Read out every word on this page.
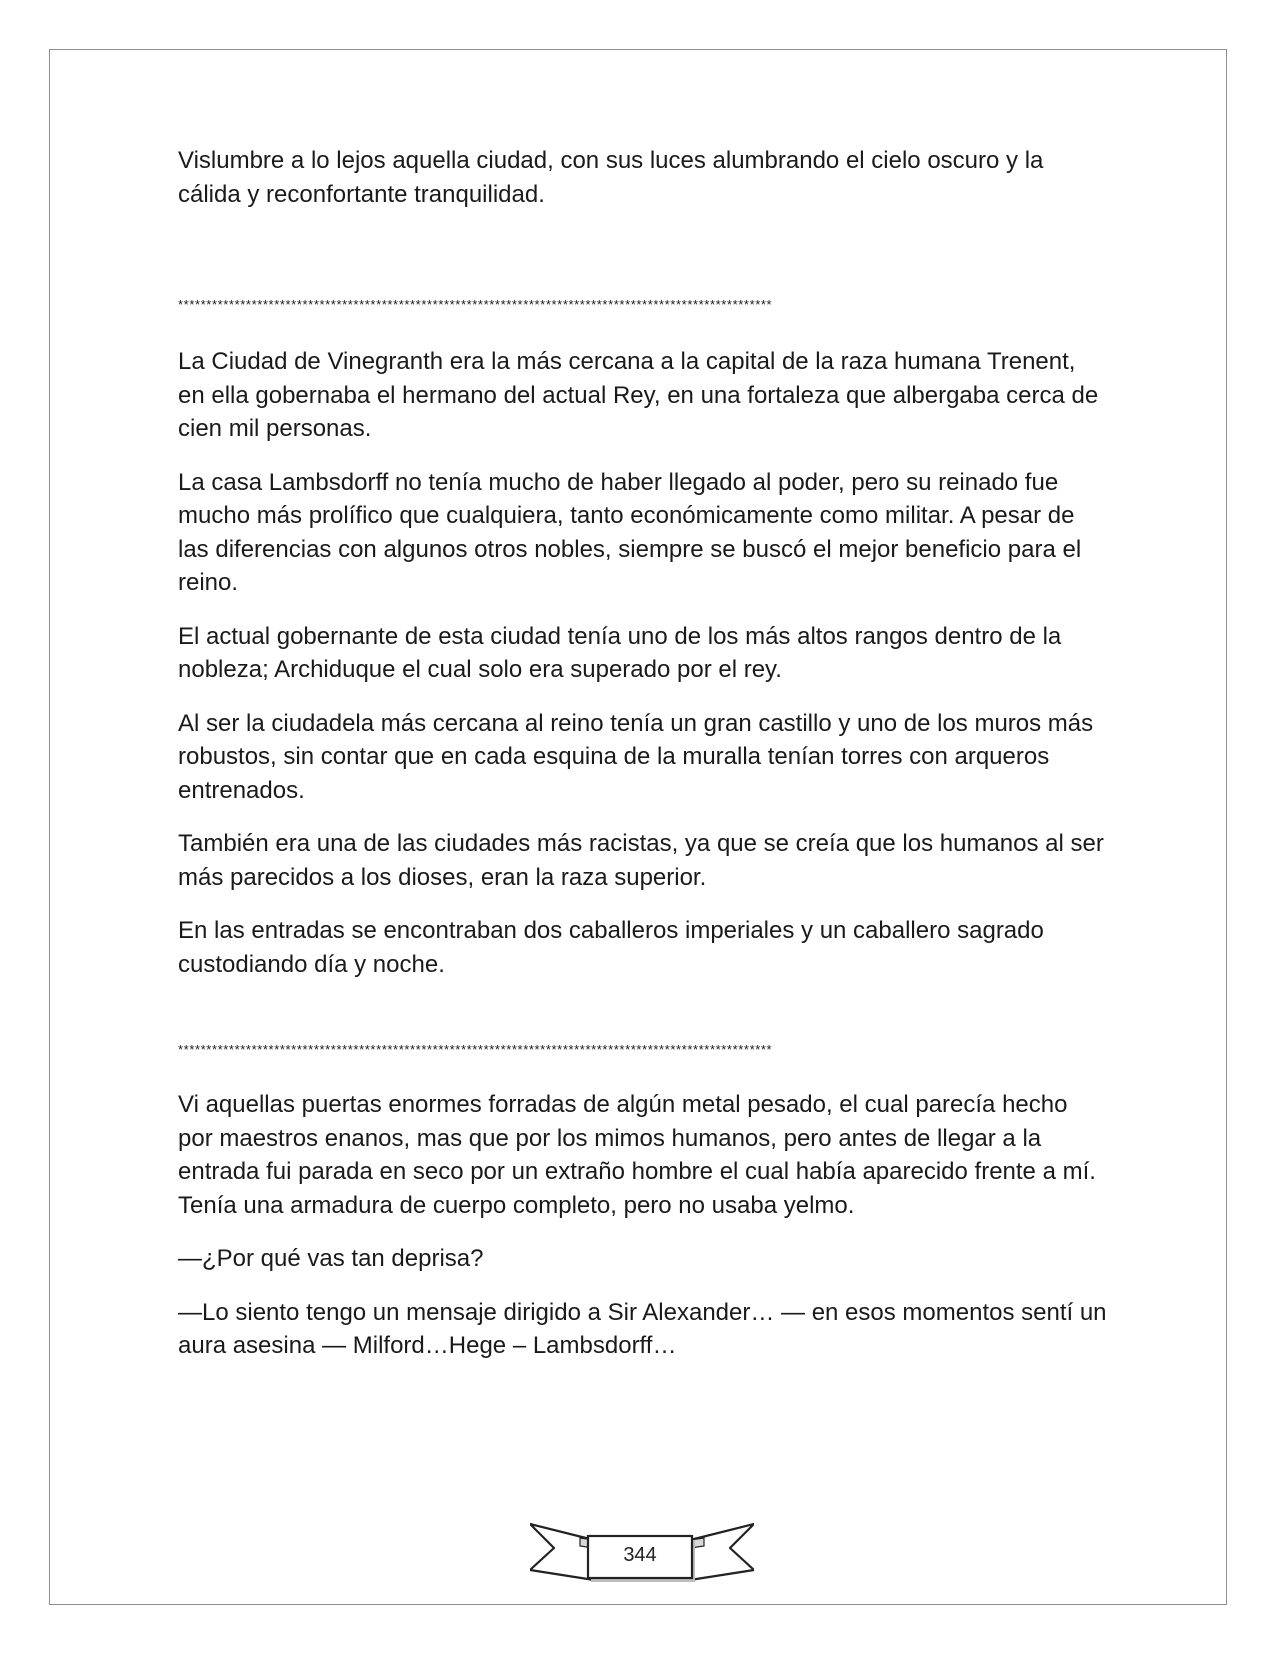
Vislumbre a lo lejos aquella ciudad, con sus luces alumbrando el cielo oscuro y la cálida y reconfortante tranquilidad.

*********************************************************************************************************

La Ciudad de Vinegranth era la más cercana a la capital de la raza humana Trenent, en ella gobernaba el hermano del actual Rey, en una fortaleza que albergaba cerca de cien mil personas.

La casa Lambsdorff no tenía mucho de haber llegado al poder, pero su reinado fue mucho más prolífico que cualquiera, tanto económicamente como militar. A pesar de las diferencias con algunos otros nobles, siempre se buscó el mejor beneficio para el reino.

El actual gobernante de esta ciudad tenía uno de los más altos rangos dentro de la nobleza; Archiduque el cual solo era superado por el rey.

Al ser la ciudadela más cercana al reino tenía un gran castillo y uno de los muros más robustos, sin contar que en cada esquina de la muralla tenían torres con arqueros entrenados.

También era una de las ciudades más racistas, ya que se creía que los humanos al ser más parecidos a los dioses, eran la raza superior.

En las entradas se encontraban dos caballeros imperiales y un caballero sagrado custodiando día y noche.

*********************************************************************************************************

Vi aquellas puertas enormes forradas de algún metal pesado, el cual parecía hecho por maestros enanos, mas que por los mimos humanos, pero antes de llegar a la entrada fui parada en seco por un extraño hombre el cual había aparecido frente a mí. Tenía una armadura de cuerpo completo, pero no usaba yelmo.

—¿Por qué vas tan deprisa?

—Lo siento tengo un mensaje dirigido a Sir Alexander… — en esos momentos sentí un aura asesina — Milford…Hege – Lambsdorff…

344
